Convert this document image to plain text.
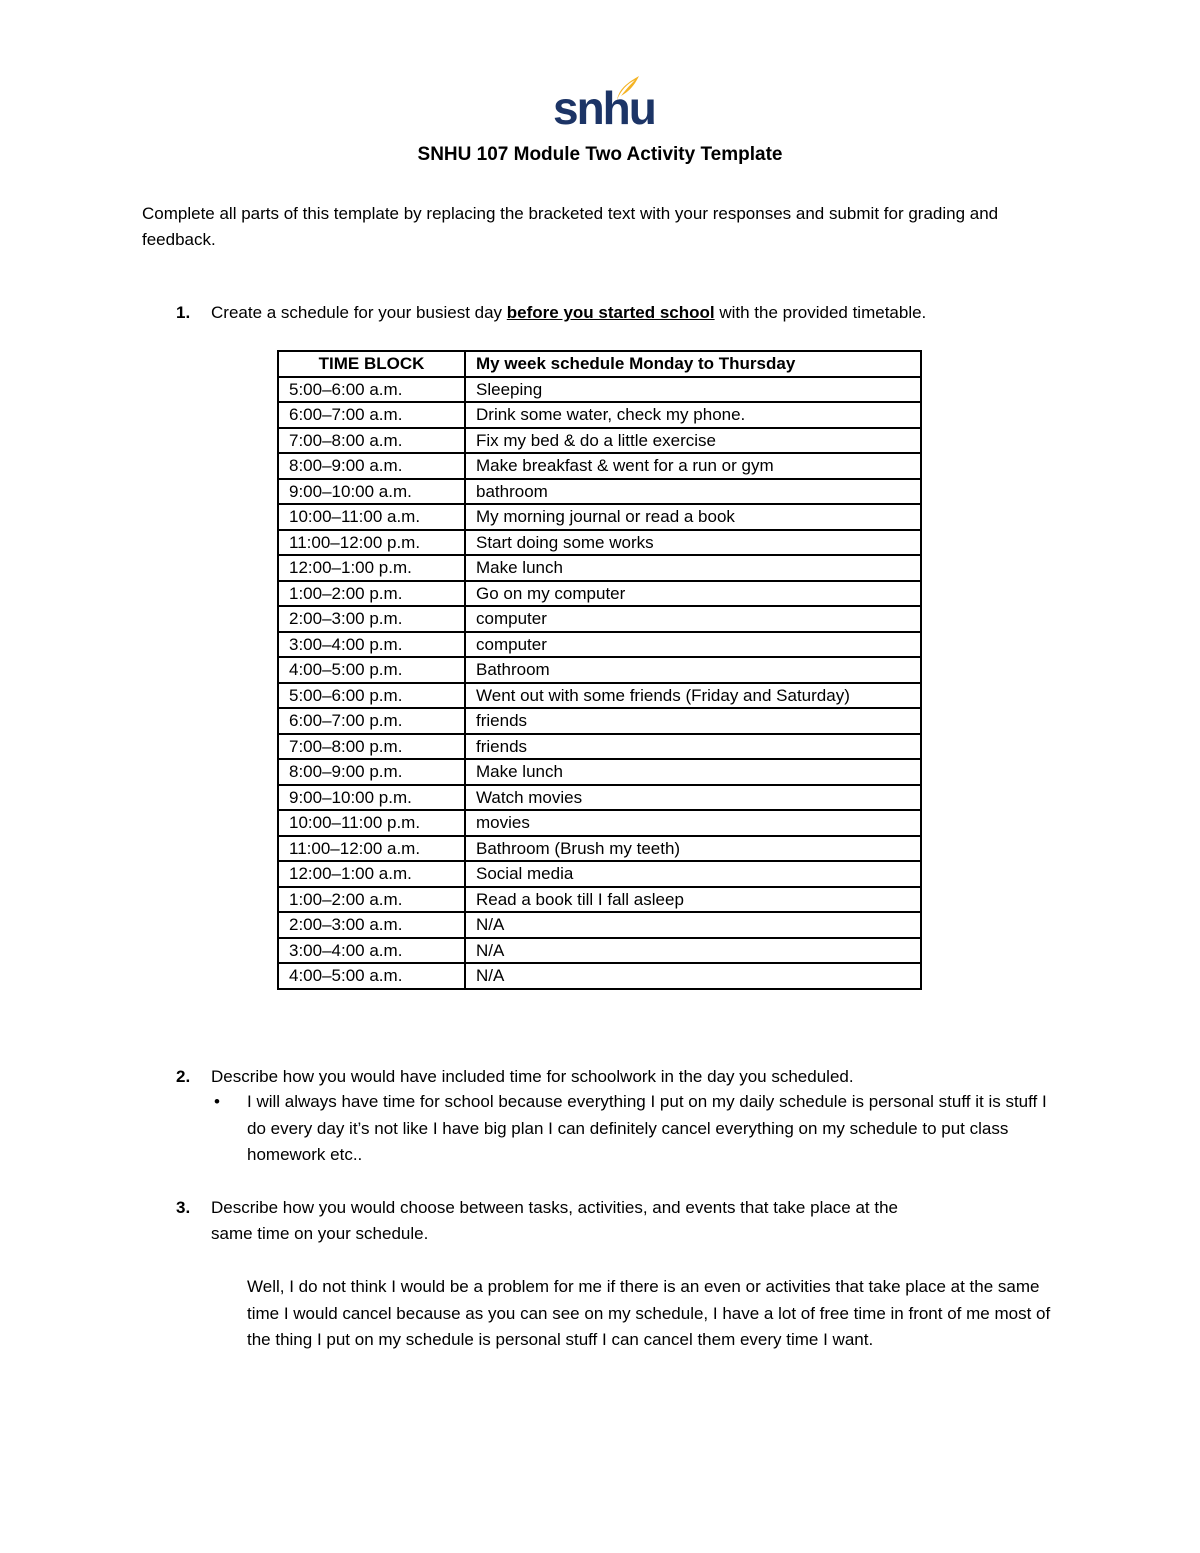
snhu
SNHU 107 Module Two Activity Template
Complete all parts of this template by replacing the bracketed text with your responses and submit for grading and feedback.
1. Create a schedule for your busiest day before you started school with the provided timetable.
TIME BLOCK	My week schedule Monday to Thursday
5:00–6:00 a.m.	Sleeping
6:00–7:00 a.m.	Drink some water, check my phone.
7:00–8:00 a.m.	Fix my bed & do a little exercise
8:00–9:00 a.m.	Make breakfast & went for a run or gym
9:00–10:00 a.m.	bathroom
10:00–11:00 a.m.	My morning journal or read a book
11:00–12:00 p.m.	Start doing some works
12:00–1:00 p.m.	Make lunch
1:00–2:00 p.m.	Go on my computer
2:00–3:00 p.m.	computer
3:00–4:00 p.m.	computer
4:00–5:00 p.m.	Bathroom
5:00–6:00 p.m.	Went out with some friends (Friday and Saturday)
6:00–7:00 p.m.	friends
7:00–8:00 p.m.	friends
8:00–9:00 p.m.	Make lunch
9:00–10:00 p.m.	Watch movies
10:00–11:00 p.m.	movies
11:00–12:00 a.m.	Bathroom (Brush my teeth)
12:00–1:00 a.m.	Social media
1:00–2:00 a.m.	Read a book till I fall asleep
2:00–3:00 a.m.	N/A
3:00–4:00 a.m.	N/A
4:00–5:00 a.m.	N/A
2. Describe how you would have included time for schoolwork in the day you scheduled.
• I will always have time for school because everything I put on my daily schedule is personal stuff it is stuff I do every day it’s not like I have big plan I can definitely cancel everything on my schedule to put class homework etc..
3. Describe how you would choose between tasks, activities, and events that take place at the
same time on your schedule.
Well, I do not think I would be a problem for me if there is an even or activities that take place at the same time I would cancel because as you can see on my schedule, I have a lot of free time in front of me most of the thing I put on my schedule is personal stuff I can cancel them every time I want.
